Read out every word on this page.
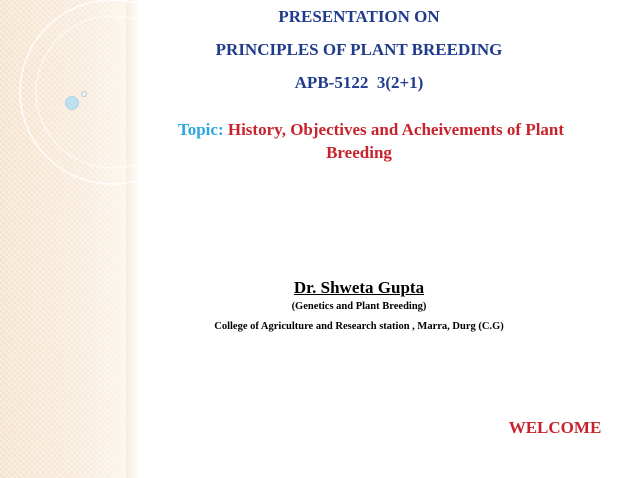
PRESENTATION ON
PRINCIPLES OF PLANT BREEDING
APB-5122  3(2+1)
Topic: History, Objectives and Acheivements of Plant
Breeding
Dr. Shweta Gupta
(Genetics and Plant Breeding)
College of Agriculture and Research station , Marra, Durg (C.G)
WELCOME
